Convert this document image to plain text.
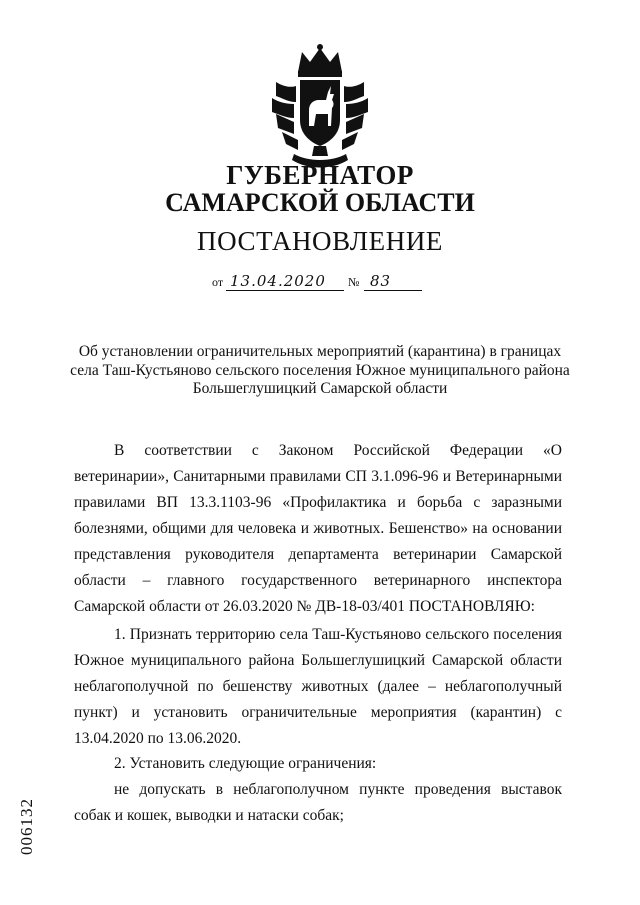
ГУБЕРНАТОР
САМАРСКОЙ ОБЛАСТИ
ПОСТАНОВЛЕНИЕ
от 13.04.2020 № 83
Об установлении ограничительных мероприятий (карантина) в границах
села Таш-Кустьяново сельского поселения Южное муниципального района
Большеглушицкий Самарской области
В соответствии с Законом Российской Федерации «О ветеринарии», Санитарными правилами СП 3.1.096-96 и Ветеринарными правилами ВП 13.3.1103-96 «Профилактика и борьба с заразными болезнями, общими для человека и животных. Бешенство» на основании представления руководителя департамента ветеринарии Самарской области – главного государственного ветеринарного инспектора Самарской области от 26.03.2020 № ДВ-18-03/401 ПОСТАНОВЛЯЮ:
1. Признать территорию села Таш-Кустьяново сельского поселения Южное муниципального района Большеглушицкий Самарской области неблагополучной по бешенству животных (далее – неблагополучный пункт) и установить ограничительные мероприятия (карантин) с 13.04.2020 по 13.06.2020.
2. Установить следующие ограничения:
не допускать в неблагополучном пункте проведения выставок собак и кошек, выводки и натаски собак;
006132
